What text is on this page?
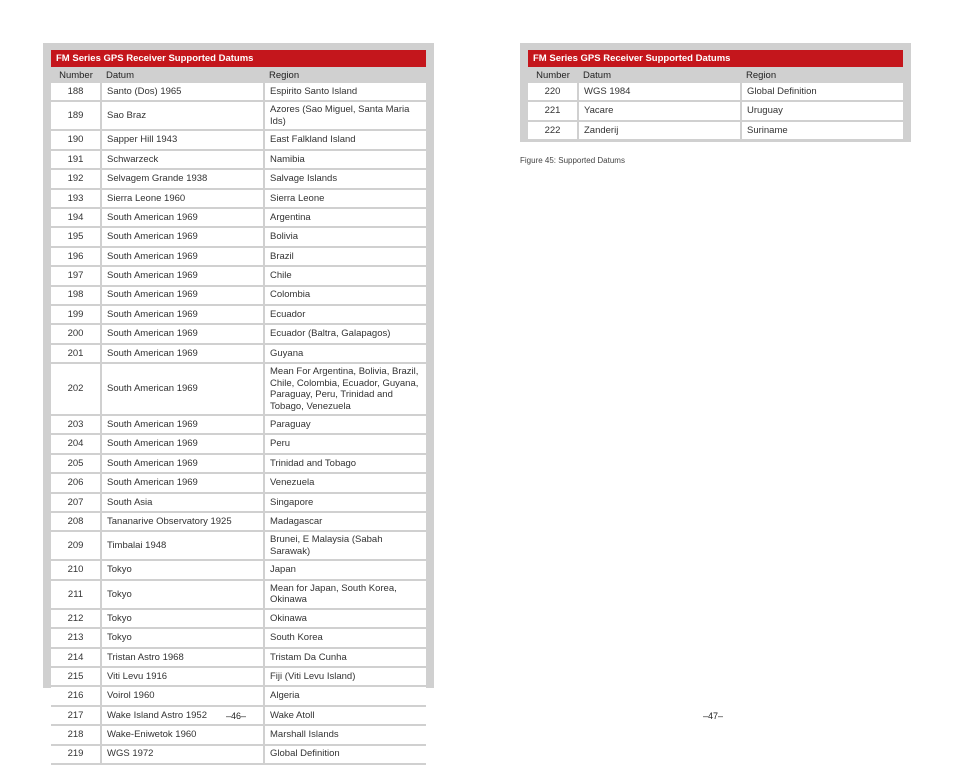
FM Series GPS Receiver Supported Datums
Number	Datum	Region
188	Santo (Dos) 1965	Espirito Santo Island
189	Sao Braz	Azores (Sao Miguel, Santa Maria Ids)
190	Sapper Hill 1943	East Falkland Island
191	Schwarzeck	Namibia
192	Selvagem Grande 1938	Salvage Islands
193	Sierra Leone 1960	Sierra Leone
194	South American 1969	Argentina
195	South American 1969	Bolivia
196	South American 1969	Brazil
197	South American 1969	Chile
198	South American 1969	Colombia
199	South American 1969	Ecuador
200	South American 1969	Ecuador (Baltra, Galapagos)
201	South American 1969	Guyana
202	South American 1969	Mean For Argentina, Bolivia, Brazil, Chile, Colombia, Ecuador, Guyana, Paraguay, Peru, Trinidad and Tobago, Venezuela
203	South American 1969	Paraguay
204	South American 1969	Peru
205	South American 1969	Trinidad and Tobago
206	South American 1969	Venezuela
207	South Asia	Singapore
208	Tananarive Observatory 1925	Madagascar
209	Timbalai 1948	Brunei, E Malaysia (Sabah Sarawak)
210	Tokyo	Japan
211	Tokyo	Mean for Japan, South Korea, Okinawa
212	Tokyo	Okinawa
213	Tokyo	South Korea
214	Tristan Astro 1968	Tristam Da Cunha
215	Viti Levu 1916	Fiji (Viti Levu Island)
216	Voirol 1960	Algeria
217	Wake Island Astro 1952	Wake Atoll
218	Wake-Eniwetok 1960	Marshall Islands
219	WGS 1972	Global Definition
FM Series GPS Receiver Supported Datums
Number	Datum	Region
220	WGS 1984	Global Definition
221	Yacare	Uruguay
222	Zanderij	Suriname
Figure 45: Supported Datums
–46–	–47–
